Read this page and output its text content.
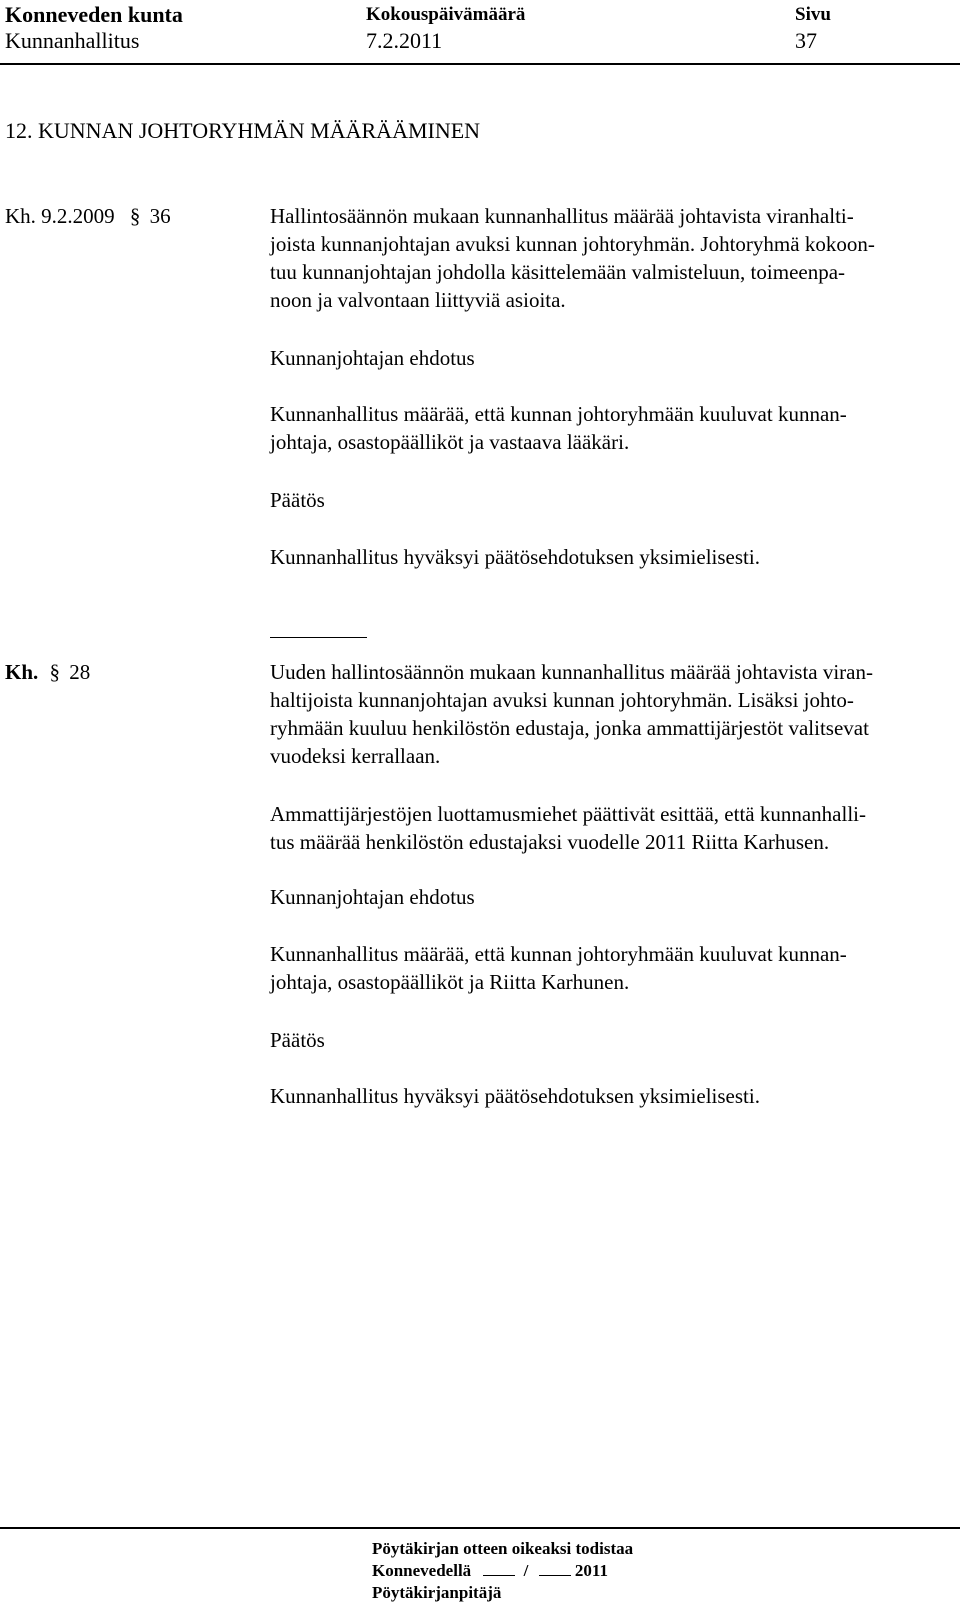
Konneveden kunta
Kunnanhallitus
Kokouspäivämäärä
7.2.2011
Sivu
37
12. KUNNAN JOHTORYHMÄN MÄÄRÄÄMINEN
Kh. 9.2.2009 § 36	Hallintosäännön mukaan kunnanhallitus määrää johtavista viranhalti-
joista kunnanjohtajan avuksi kunnan johtoryhmän. Johtoryhmä kokoon-
tuu kunnanjohtajan johdolla käsittelemään valmisteluun, toimeenpa-
noon ja valvontaan liittyviä asioita.
Kunnanjohtajan ehdotus
Kunnanhallitus määrää, että kunnan johtoryhmään kuuluvat kunnan-
johtaja, osastopäälliköt ja vastaava lääkäri.
Päätös
Kunnanhallitus hyväksyi päätösehdotuksen yksimielisesti.
Kh. § 28	Uuden hallintosäännön mukaan kunnanhallitus määrää johtavista viran-
haltijoista kunnanjohtajan avuksi kunnan johtoryhmän. Lisäksi johto-
ryhmään kuuluu henkilöstön edustaja, jonka ammattijärjestöt valitsevat
vuodeksi kerrallaan.
Ammattijärjestöjen luottamusmiehet päättivät esittää, että kunnanhalli-
tus määrää henkilöstön edustajaksi vuodelle 2011 Riitta Karhusen.
Kunnanjohtajan ehdotus
Kunnanhallitus määrää, että kunnan johtoryhmään kuuluvat kunnan-
johtaja, osastopäälliköt ja Riitta Karhunen.
Päätös
Kunnanhallitus hyväksyi päätösehdotuksen yksimielisesti.
Pöytäkirjan otteen oikeaksi todistaa
Konnevedellä	/	2011
Pöytäkirjanpitäjä
